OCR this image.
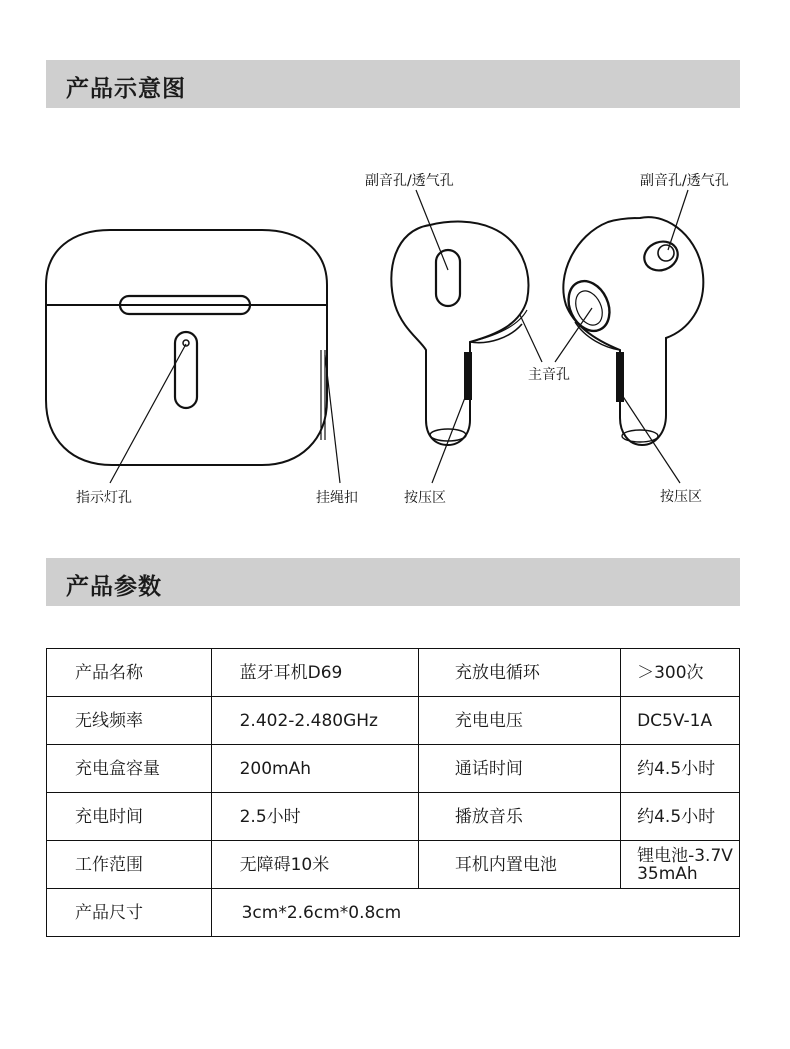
产品示意图
指示灯孔	挂绳扣	按压区	按压区
副音孔/透气孔	副音孔/透气孔
主音孔
产品参数
产品名称	蓝牙耳机D69	充放电循环	＞300次
无线频率	2.402-2.480GHz	充电电压	DC5V-1A
充电盒容量	200mAh	通话时间	约4.5小时
充电时间	2.5小时	播放音乐	约4.5小时
工作范围	无障碍10米	耳机内置电池	锂电池-3.7V
35mAh

产品尺寸	3cm*2.6cm*0.8cm		
